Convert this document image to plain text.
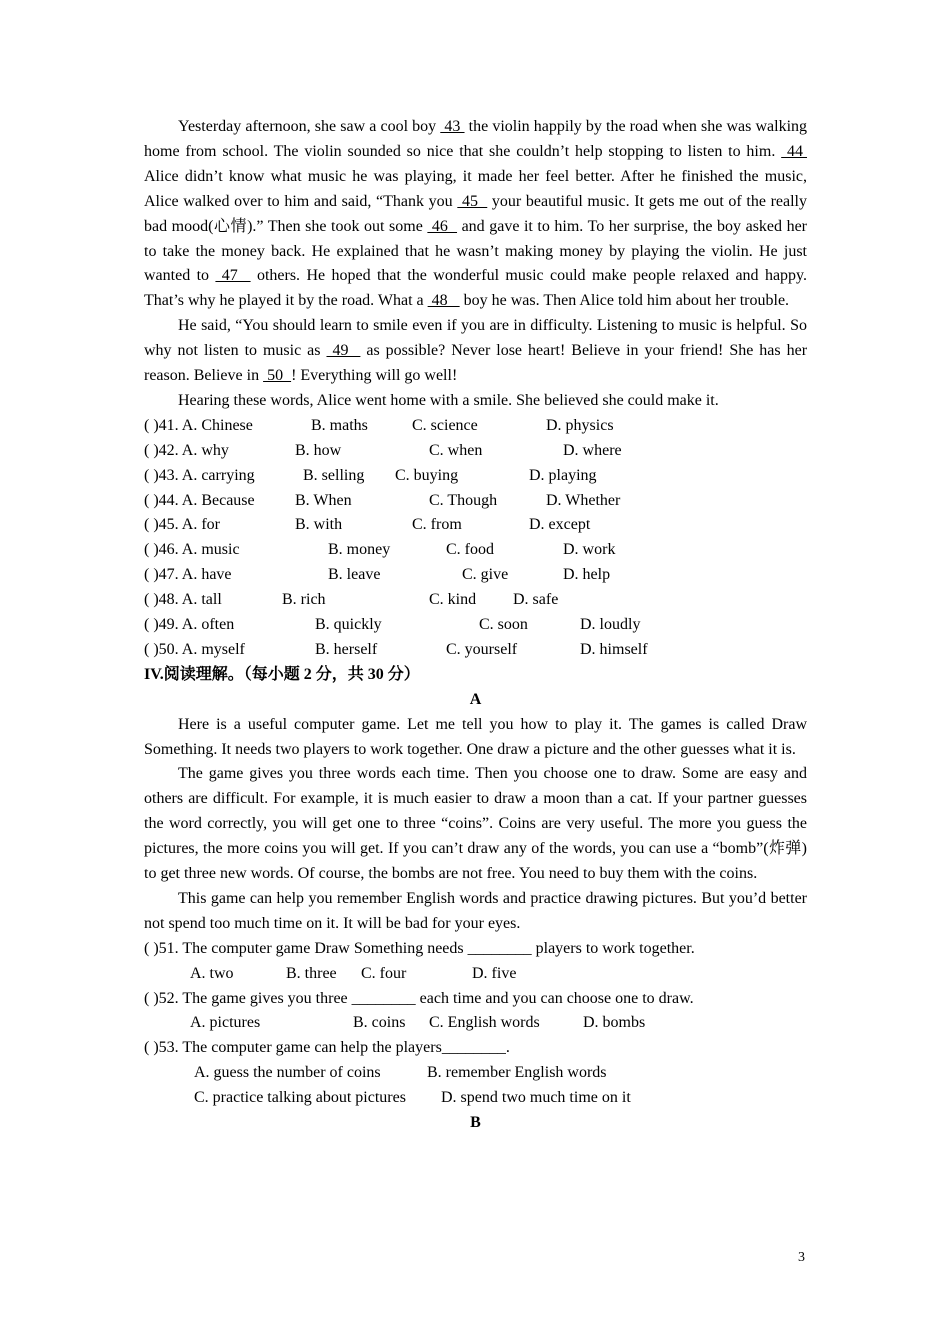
Yesterday afternoon, she saw a cool boy  43  the violin happily by the road when she was walking home from school. The violin sounded so nice that she couldn’t help stopping to listen to him.  44  Alice didn’t know what music he was playing, it made her feel better. After he finished the music, Alice walked over to him and said, “Thank you  45   your beautiful music. It gets me out of the really bad mood(心情).” Then she took out some  46   and gave it to him. To her surprise, the boy asked her to take the money back. He explained that he wasn’t making money by playing the violin. He just wanted to  47   others. He hoped that the wonderful music could make people relaxed and happy. That’s why he played it by the road. What a  48    boy he was. Then Alice told him about her trouble.

He said, “You should learn to smile even if you are in difficulty. Listening to music is helpful. So why not listen to music as  49   as possible? Never lose heart! Believe in your friend! She has her reason. Believe in  50  ! Everything will go well!

Hearing these words, Alice went home with a smile. She believed she could make it.

( )41. A. Chinese	B. maths	C. science	D. physics
( )42. A. why	B. how	C. when	D. where
( )43. A. carrying	B. selling C. buying	D. playing
( )44. A. Because	B. When	C. Though	D. Whether
( )45. A. for	B. with	C. from	D. except
( )46. A. music	B. money	C. food	D. work
( )47. A. have	B. leave	C. give	D. help
( )48. A. tall	B. rich	C. kind D. safe
( )49. A. often	B. quickly	C. soon	D. loudly
( )50. A. myself	B. herself	C. yourself	D. himself

IV.阅读理解。（每小题 2 分，共 30 分）

A

Here is a useful computer game. Let me tell you how to play it. The games is called Draw Something. It needs two players to work together. One draw a picture and the other guesses what it is.

The game gives you three words each time. Then you choose one to draw. Some are easy and others are difficult. For example, it is much easier to draw a moon than a cat. If your partner guesses the word correctly, you will get one to three “coins”. Coins are very useful. The more you guess the pictures, the more coins you will get. If you can’t draw any of the words, you can use a “bomb”(炸弹) to get three new words. Of course, the bombs are not free. You need to buy them with the coins.

This game can help you remember English words and practice drawing pictures. But you’d better not spend too much time on it. It will be bad for your eyes.

( )51. The computer game Draw Something needs ________ players to work together.
A. two	B. three C. four	D. five
( )52. The game gives you three ________ each time and you can choose one to draw.
A. pictures	B. coins C. English words	D. bombs
( )53. The computer game can help the players________.
A. guess the number of coins	B. remember English words
C. practice talking about pictures D. spend two much time on it

B

3
